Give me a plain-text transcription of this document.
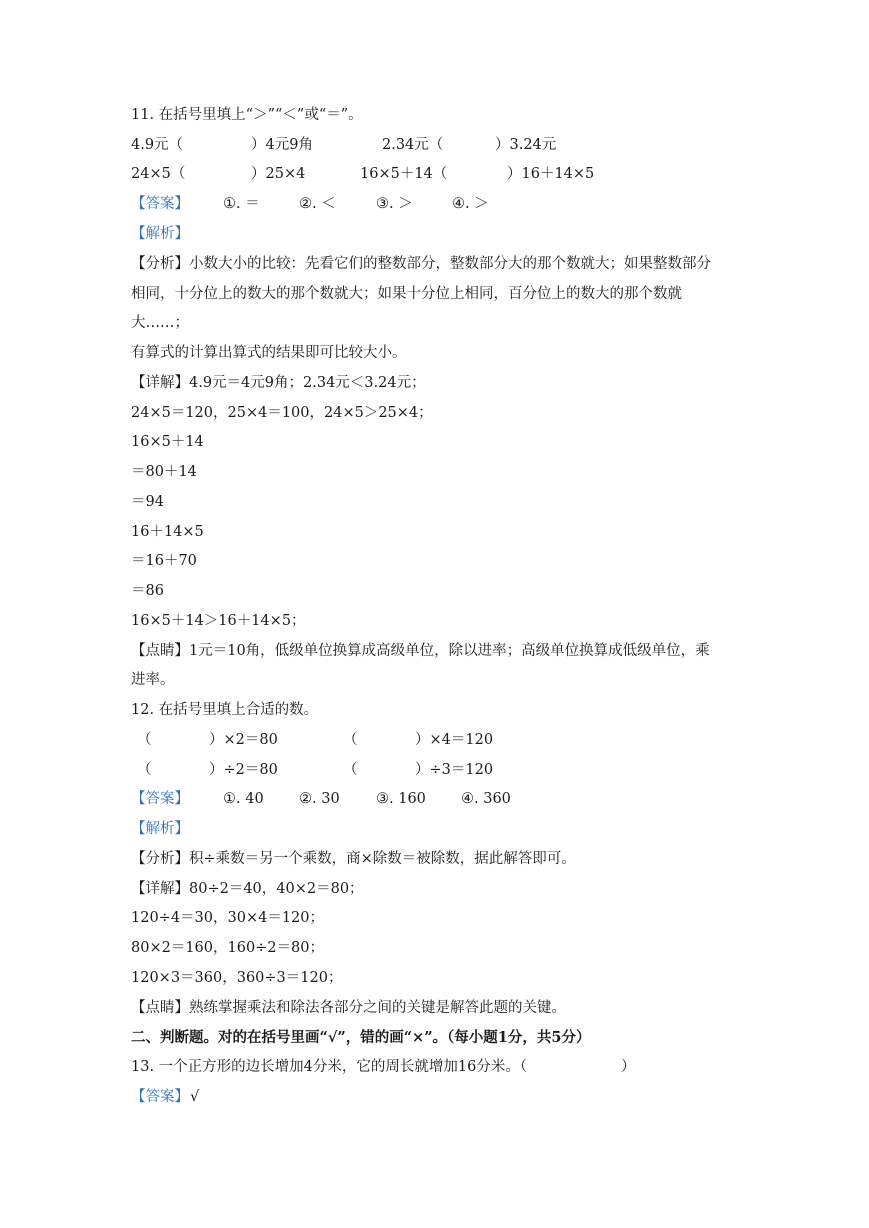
11. 在括号里填上“＞”“＜”或“＝”。
4.9元（	）4元9角	2.34元（	）3.24元
24×5（	）25×4	16×5＋14（	）16＋14×5
【答案】 ①. ＝	②. ＜	③. ＞	④. ＞
【解析】
【分析】小数大小的比较：先看它们的整数部分，整数部分大的那个数就大；如果整数部分
相同，十分位上的数大的那个数就大；如果十分位上相同，百分位上的数大的那个数就
大……；
有算式的计算出算式的结果即可比较大小。
【详解】4.9元＝4元9角；2.34元＜3.24元；
24×5＝120，25×4＝100，24×5＞25×4；
16×5＋14
＝80＋14
＝94
16＋14×5
＝16＋70
＝86
16×5＋14＞16＋14×5；
【点睛】1元＝10角，低级单位换算成高级单位，除以进率；高级单位换算成低级单位，乘
进率。
12. 在括号里填上合适的数。
（	）×2＝80	（	）×4＝120
（	）÷2＝80	（	）÷3＝120
【答案】 ①. 40 ②. 30	③. 160 ④. 360
【解析】
【分析】积÷乘数＝另一个乘数，商×除数＝被除数，据此解答即可。
【详解】80÷2＝40，40×2＝80；
120÷4＝30，30×4＝120；
80×2＝160，160÷2＝80；
120×3＝360，360÷3＝120；
【点睛】熟练掌握乘法和除法各部分之间的关键是解答此题的关键。
二、判断题。对的在括号里画“√”，错的画“×”。（每小题1分，共5分）
13. 一个正方形的边长增加4分米，它的周长就增加16分米。（	）
【答案】 √
